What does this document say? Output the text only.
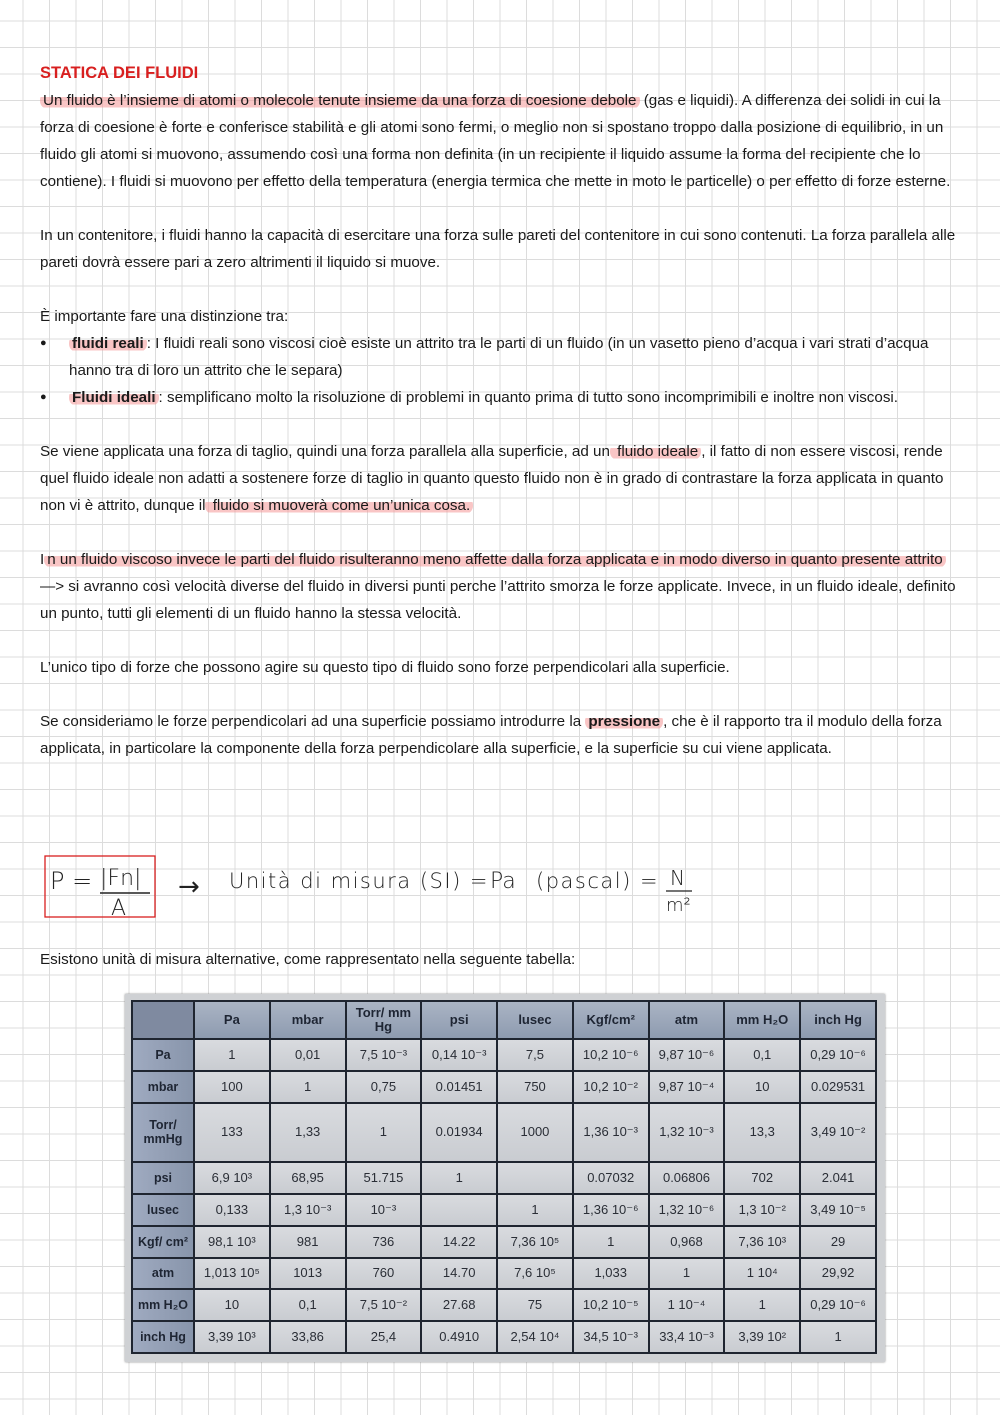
STATICA DEI FLUIDI

Un fluido è l’insieme di atomi o molecole tenute insieme da una forza di coesione debole (gas e liquidi). A differenza dei solidi in cui la forza di coesione è forte e conferisce stabilità e gli atomi sono fermi, o meglio non si spostano troppo dalla posizione di equilibrio, in un fluido gli atomi si muovono, assumendo così una forma non definita (in un recipiente il liquido assume la forma del recipiente che lo contiene). I fluidi si muovono per effetto della temperatura (energia termica che mette in moto le particelle) o per effetto di forze esterne.

In un contenitore, i fluidi hanno la capacità di esercitare una forza sulle pareti del contenitore in cui sono contenuti. La forza parallela alle pareti dovrà essere pari a zero altrimenti il liquido si muove.

È importante fare una distinzione tra:

● fluidi reali : I fluidi reali sono viscosi cioè esiste un attrito tra le parti di un fluido (in un vasetto pieno d’acqua i vari strati d’acqua hanno tra di loro un attrito che le separa)
● Fluidi ideali : semplificano molto la risoluzione di problemi in quanto prima di tutto sono incomprimibili e inoltre non viscosi.

Se viene applicata una forza di taglio, quindi una forza parallela alla superficie, ad un fluido ideale , il fatto di non essere viscosi, rende quel fluido ideale non adatti a sostenere forze di taglio in quanto questo fluido non è in grado di contrastare la forza applicata in quanto non vi è attrito, dunque il fluido si muoverà come un’unica cosa.

I n un fluido viscoso invece le parti del fluido risulteranno meno affette dalla forza applicata e in modo diverso in quanto presente attrito —> si avranno così velocità diverse del fluido in diversi punti perche l’attrito smorza le forze applicate. Invece, in un fluido ideale, definito un punto, tutti gli elementi di un fluido hanno la stessa velocità.

L’unico tipo di forze che possono agire su questo tipo di fluido sono forze perpendicolari alla superficie.

Se consideriamo le forze perpendicolari ad una superficie possiamo introdurre la pressione , che è il rapporto tra il modulo della forza applicata, in particolare la componente della forza perpendicolare alla superficie, e la superficie su cui viene applicata.

P = |Fn|
A
→ Unità di misura (SI) = Pa (pascal) = N
m²

Esistono unità di misura alternative, come rappresentato nella seguente tabella:

	Pa	mbar	Torr/ mm Hg	psi	lusec	Kgf/cm²	atm	mm H₂O	inch Hg
Pa	1	0,01	7,5 10⁻³	0,14 10⁻³	7,5	10,2 10⁻⁶	9,87 10⁻⁶	0,1	0,29 10⁻⁶
mbar	100	1	0,75	0.01451	750	10,2 10⁻²	9,87 10⁻⁴	10	0.029531
Torr/ mmHg	133	1,33	1	0.01934	1000	1,36 10⁻³	1,32 10⁻³	13,3	3,49 10⁻²
psi	6,9 10³	68,95	51.715	1		0.07032	0.06806	702	2.041
lusec	0,133	1,3 10⁻³	10⁻³		1	1,36 10⁻⁶	1,32 10⁻⁶	1,3 10⁻²	3,49 10⁻⁵
Kgf/ cm²	98,1 10³	981	736	14.22	7,36 10⁵	1	0,968	7,36 10³	29
atm	1,013 10⁵	1013	760	14.70	7,6 10⁵	1,033	1	1 10⁴	29,92
mm H₂O	10	0,1	7,5 10⁻²	27.68	75	10,2 10⁻⁵	1 10⁻⁴	1	0,29 10⁻⁶
inch Hg	3,39 10³	33,86	25,4	0.4910	2,54 10⁴	34,5 10⁻³	33,4 10⁻³	3,39 10²	1
